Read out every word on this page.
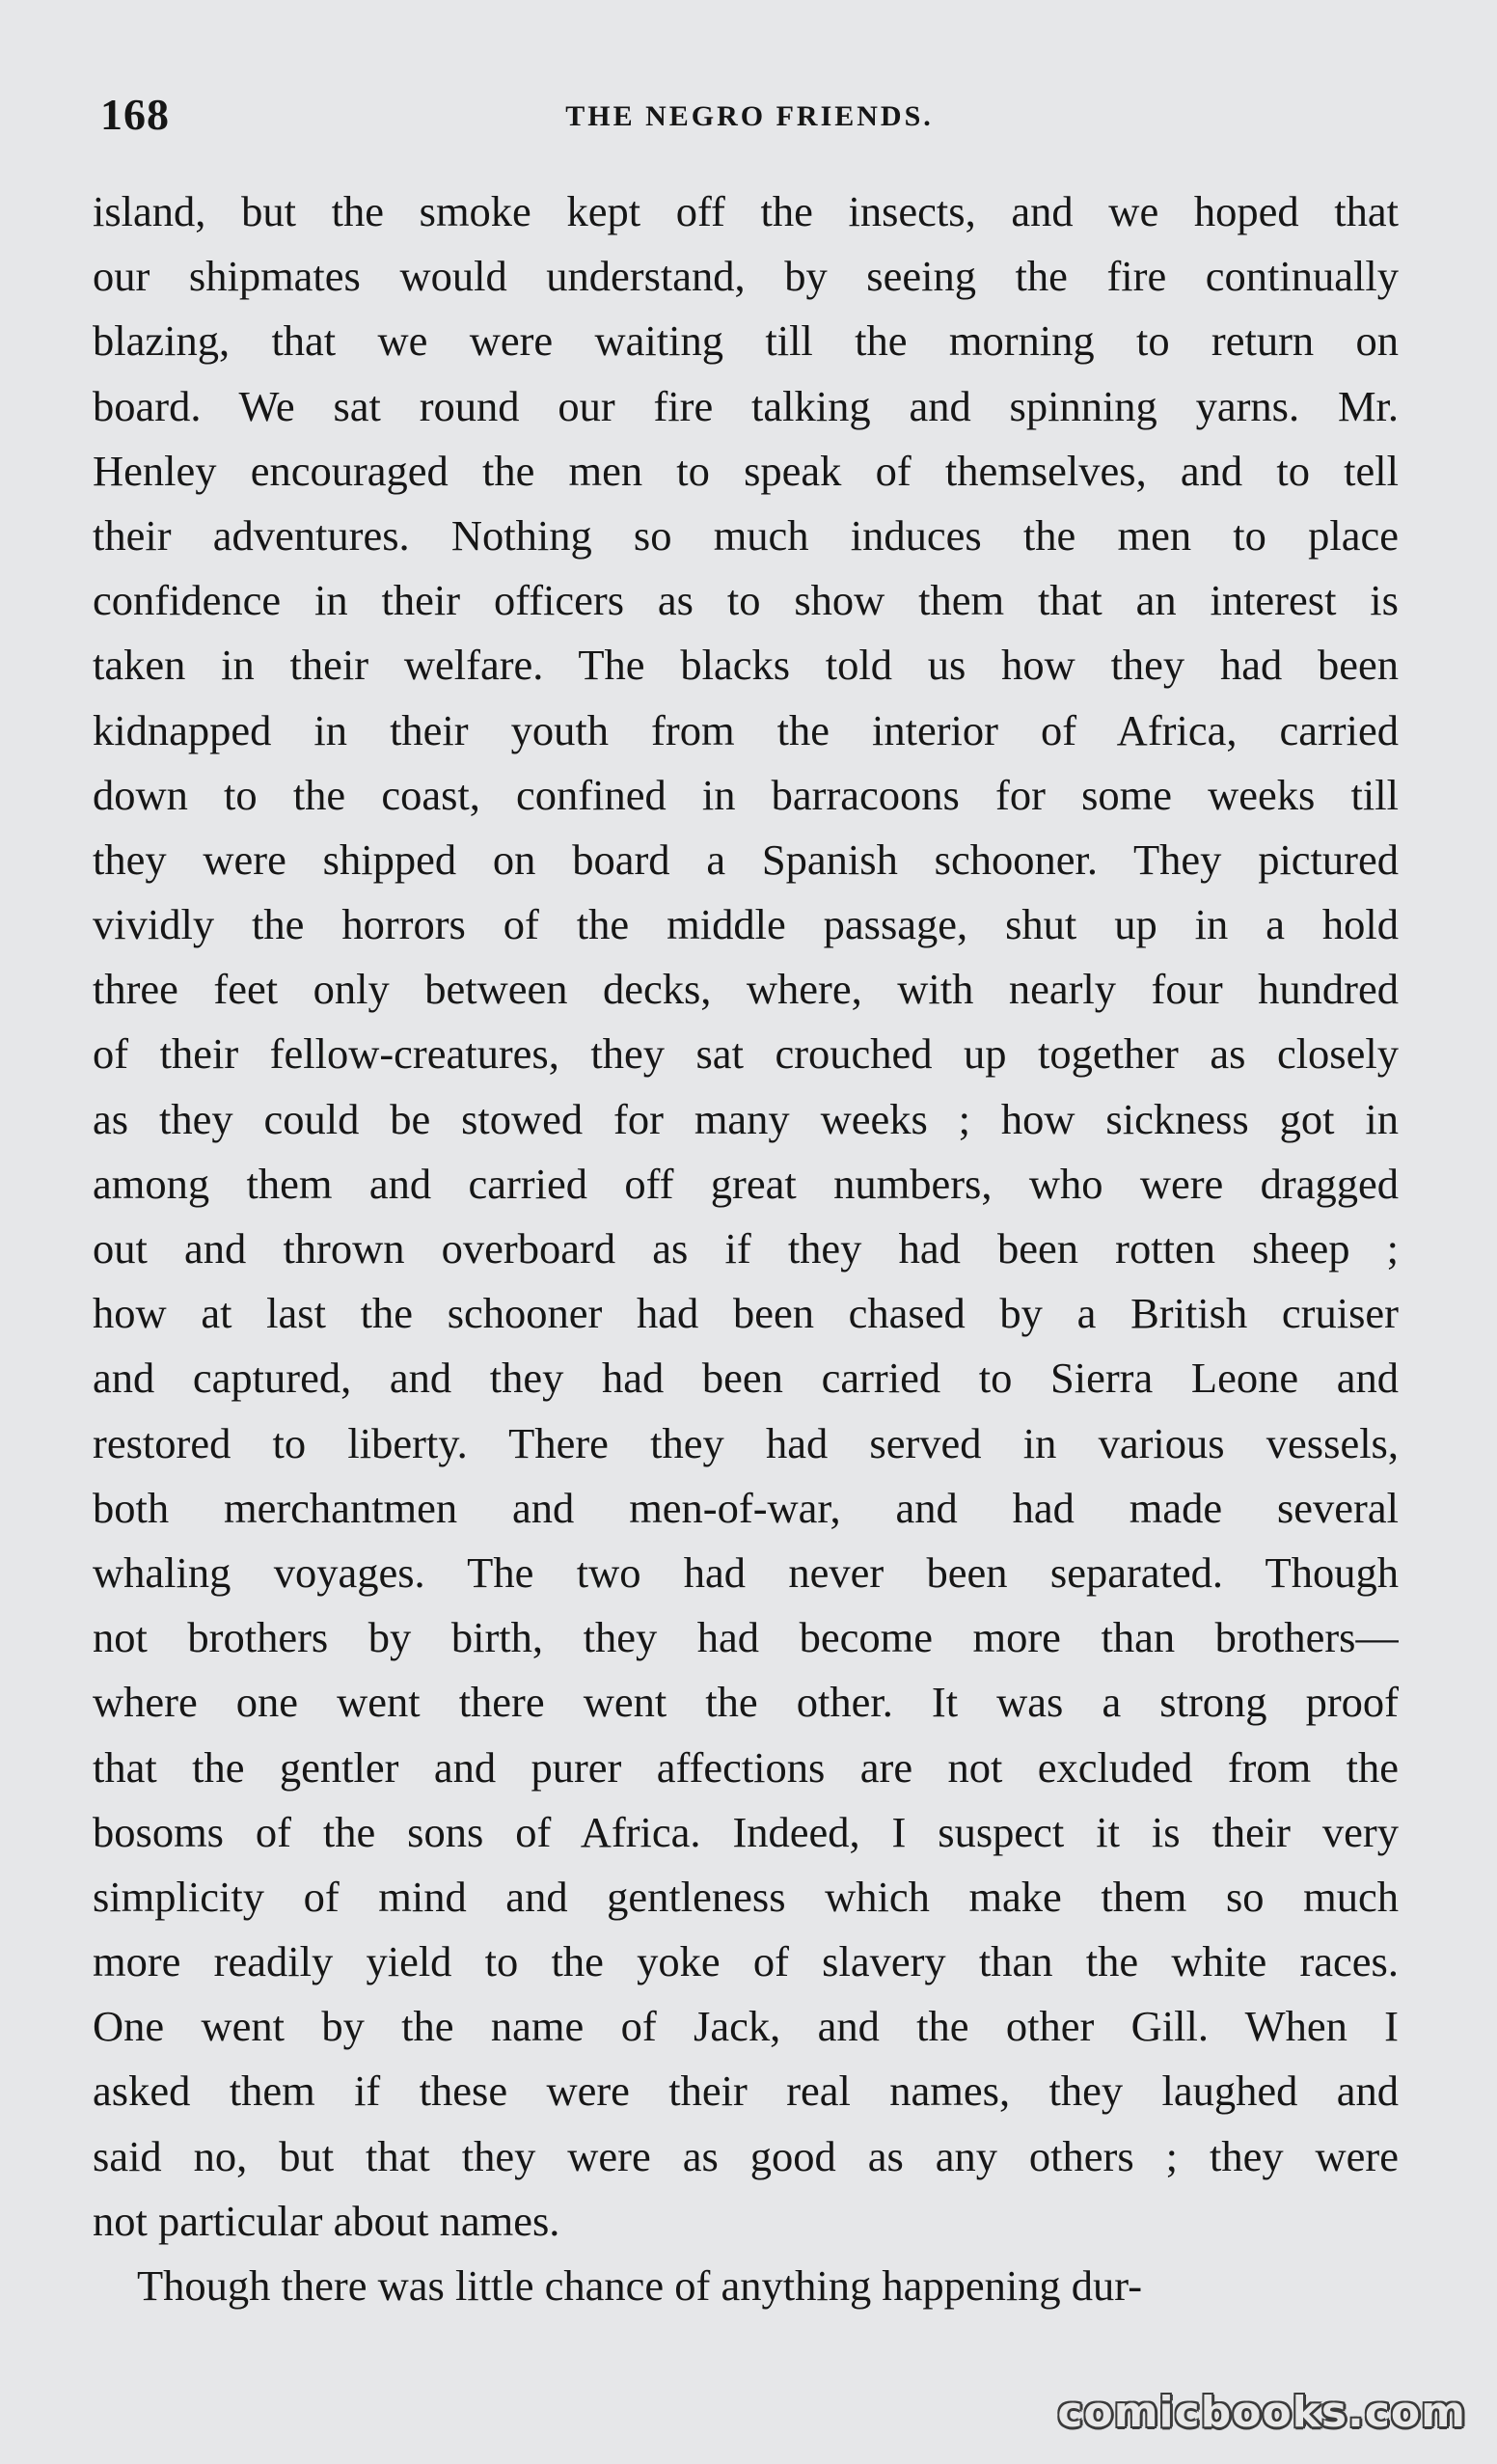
168	THE NEGRO FRIENDS.
island, but the smoke kept off the insects, and we hoped that
our shipmates would understand, by seeing the fire continually
blazing, that we were waiting till the morning to return on
board. We sat round our fire talking and spinning yarns. Mr.
Henley encouraged the men to speak of themselves, and to tell
their adventures. Nothing so much induces the men to place
confidence in their officers as to show them that an interest is
taken in their welfare. The blacks told us how they had been
kidnapped in their youth from the interior of Africa, carried
down to the coast, confined in barracoons for some weeks till
they were shipped on board a Spanish schooner. They pictured
vividly the horrors of the middle passage, shut up in a hold
three feet only between decks, where, with nearly four hundred
of their fellow-creatures, they sat crouched up together as closely
as they could be stowed for many weeks ; how sickness got in
among them and carried off great numbers, who were dragged
out and thrown overboard as if they had been rotten sheep ;
how at last the schooner had been chased by a British cruiser
and captured, and they had been carried to Sierra Leone and
restored to liberty. There they had served in various vessels,
both merchantmen and men-of-war, and had made several
whaling voyages. The two had never been separated. Though
not brothers by birth, they had become more than brothers—
where one went there went the other. It was a strong proof
that the gentler and purer affections are not excluded from the
bosoms of the sons of Africa. Indeed, I suspect it is their very
simplicity of mind and gentleness which make them so much
more readily yield to the yoke of slavery than the white races.
One went by the name of Jack, and the other Gill. When I
asked them if these were their real names, they laughed and
said no, but that they were as good as any others ; they were
not particular about names.
Though there was little chance of anything happening dur-
comicbooks.com
